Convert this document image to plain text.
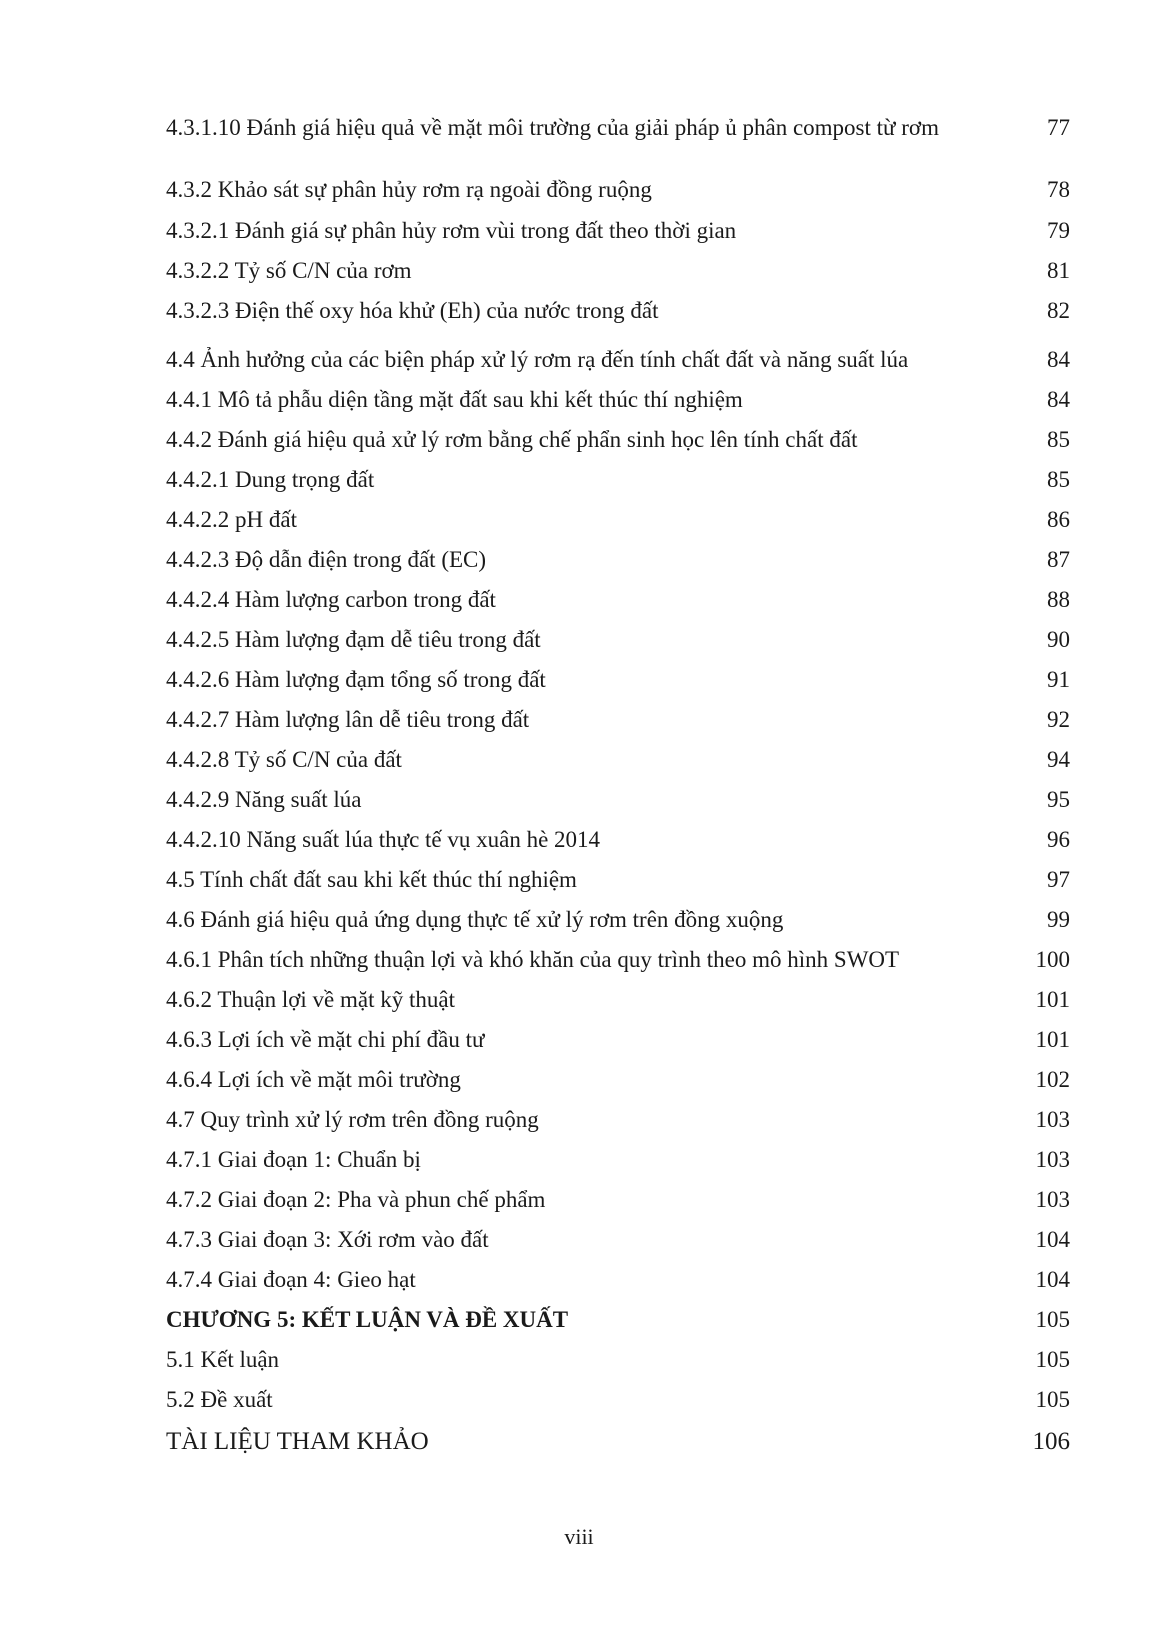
4.3.1.10 Đánh giá hiệu quả về mặt môi trường của giải pháp ủ phân compost từ rơm	77
4.3.2 Khảo sát sự phân hủy rơm rạ ngoài đồng ruộng	78
4.3.2.1 Đánh giá sự phân hủy rơm vùi trong đất theo thời gian	79
4.3.2.2 Tỷ số C/N của rơm	81
4.3.2.3 Điện thế oxy hóa khử (Eh) của nước trong đất	82
4.4 Ảnh hưởng của các biện pháp xử lý rơm rạ đến tính chất đất và năng suất lúa	84
4.4.1 Mô tả phẫu diện tầng mặt đất sau khi kết thúc thí nghiệm	84
4.4.2 Đánh giá hiệu quả xử lý rơm bằng chế phẩn sinh học lên tính chất đất	85
4.4.2.1 Dung trọng đất	85
4.4.2.2 pH đất	86
4.4.2.3 Độ dẫn điện trong đất (EC)	87
4.4.2.4 Hàm lượng carbon trong đất	88
4.4.2.5 Hàm lượng đạm dễ tiêu trong đất	90
4.4.2.6 Hàm lượng đạm tổng số trong đất	91
4.4.2.7 Hàm lượng lân dễ tiêu trong đất	92
4.4.2.8 Tỷ số C/N của đất	94
4.4.2.9 Năng suất lúa	95
4.4.2.10 Năng suất lúa thực tế vụ xuân hè 2014	96
4.5 Tính chất đất sau khi kết thúc thí nghiệm	97
4.6 Đánh giá hiệu quả ứng dụng thực tế xử lý rơm trên đồng xuộng	99
4.6.1 Phân tích những thuận lợi và khó khăn của quy trình theo mô hình SWOT	100
4.6.2 Thuận lợi về mặt kỹ thuật	101
4.6.3 Lợi ích về mặt chi phí đầu tư	101
4.6.4 Lợi ích về mặt môi trường	102
4.7 Quy trình xử lý rơm trên đồng ruộng	103
4.7.1 Giai đoạn 1: Chuẩn bị	103
4.7.2 Giai đoạn 2: Pha và phun chế phẩm	103
4.7.3 Giai đoạn 3: Xới rơm vào đất	104
4.7.4 Giai đoạn 4: Gieo hạt	104
CHƯƠNG 5: KẾT LUẬN VÀ ĐỀ XUẤT	105
5.1 Kết luận	105
5.2 Đề xuất	105
TÀI LIỆU THAM KHẢO	106
viii
